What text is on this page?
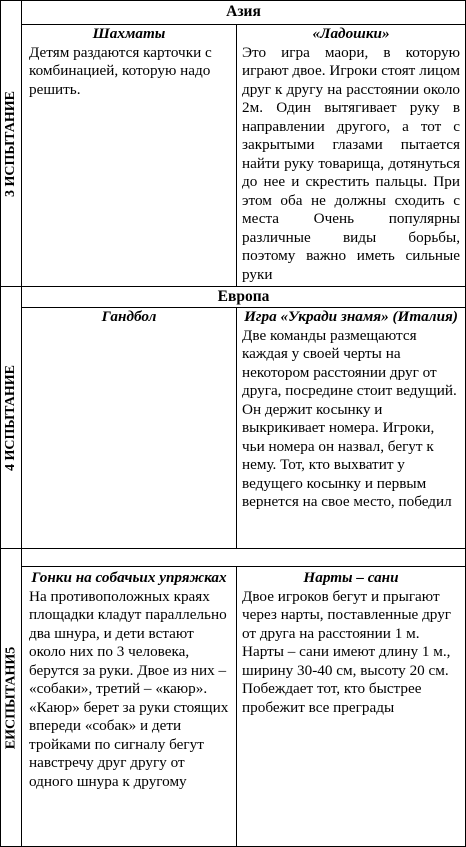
3 ИСПЫТАНИЕ
Азия
Шахматы
Детям раздаются карточки с комбинацией, которую надо решить.
«Ладошки»
Это игра маори, в которую играют двое. Игроки стоят лицом друг к другу на расстоянии около 2м. Один вытягивает руку в направлении другого, а тот с закрытыми глазами пытается найти руку товарища, дотянуться до нее и скрестить пальцы. При этом оба не должны сходить с места Очень популярны различные виды борьбы, поэтому важно иметь сильные руки
4 ИСПЫТАНИЕ
Европа
Гандбол	Игра «Укради знамя» (Италия)
Две команды размещаются каждая у своей черты на некотором расстоянии друг от друга, посредине стоит ведущий. Он держит косынку и выкрикивает номера. Игроки, чьи номера он назвал, бегут к нему. Тот, кто выхватит у ведущего косынку и первым вернется на свое место, победил
ЕИСПЫТАНИ5
Гонки на собачьих упряжках
На противоположных краях площадки кладут параллельно два шнура, и дети встают около них по 3 человека, берутся за руки. Двое из них – «собаки», третий – «каюр». «Каюр» берет за руки стоящих впереди «собак» и дети тройками по сигналу бегут навстречу друг другу от одного шнура к другому
Нарты – сани
Двое игроков бегут и прыгают через нарты, поставленные друг от друга на расстоянии 1 м. Нарты – сани имеют длину 1 м., ширину 30-40 см, высоту 20 см. Побеждает тот, кто быстрее пробежит все преграды
